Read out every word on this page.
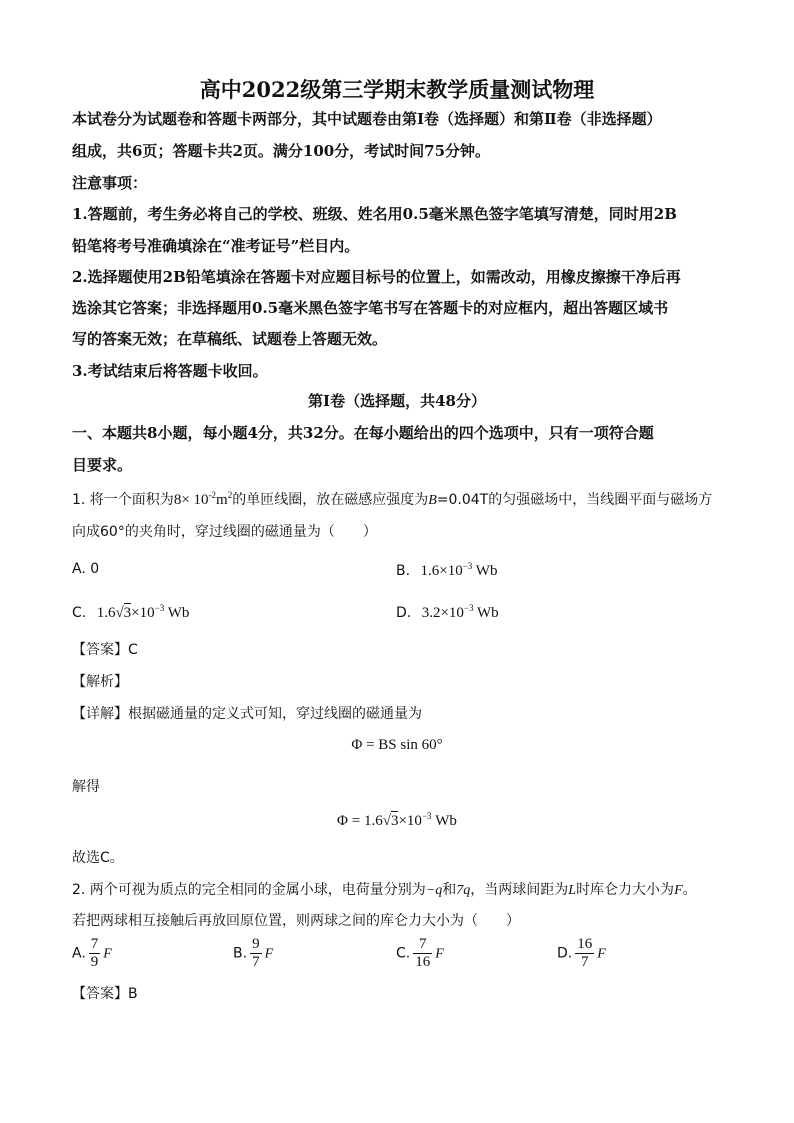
高中2022级第三学期末教学质量测试物理
本试卷分为试题卷和答题卡两部分，其中试题卷由第Ⅰ卷（选择题）和第Ⅱ卷（非选择题）
组成，共6页；答题卡共2页。满分100分，考试时间75分钟。
注意事项：
1.答题前，考生务必将自己的学校、班级、姓名用0.5毫米黑色签字笔填写清楚，同时用2B
铅笔将考号准确填涂在“准考证号”栏目内。
2.选择题使用2B铅笔填涂在答题卡对应题目标号的位置上，如需改动，用橡皮擦擦干净后再
选涂其它答案；非选择题用0.5毫米黑色签字笔书写在答题卡的对应框内，超出答题区域书
写的答案无效；在草稿纸、试题卷上答题无效。
3.考试结束后将答题卡收回。
第Ⅰ卷（选择题，共48分）
一、本题共8小题，每小题4分，共32分。在每小题给出的四个选项中，只有一项符合题
目要求。
1. 将一个面积为$8\times 10^{-2}m^2$的单匝线圈，放在磁感应强度为B=0.04T的匀强磁场中，当线圈平面与磁场方
向成60°的夹角时，穿过线圈的磁通量为（　　）
A. 0	B. $1.6\times 10^{-3}$ Wb
C. $1.6√3\times 10^{-3}$ Wb	D. $3.2\times 10^{-3}$ Wb
【答案】C
【解析】
【详解】根据磁通量的定义式可知，穿过线圈的磁通量为
Φ = BS sin 60°
解得
$\Phi = 1.6√3\times 10^{-3}$ Wb
故选C。
2. 两个可视为质点的完全相同的金属小球，电荷量分别为−q和7q，当两球间距为L时库仑力大小为F。
若把两球相互接触后再放回原位置，则两球之间的库仑力大小为（　　）
A. $\frac{7}{9}$ F	B. $\frac{9}{7}$ F	C. $\frac{7}{16}$ F	D. $\frac{16}{7}$ F
【答案】B
